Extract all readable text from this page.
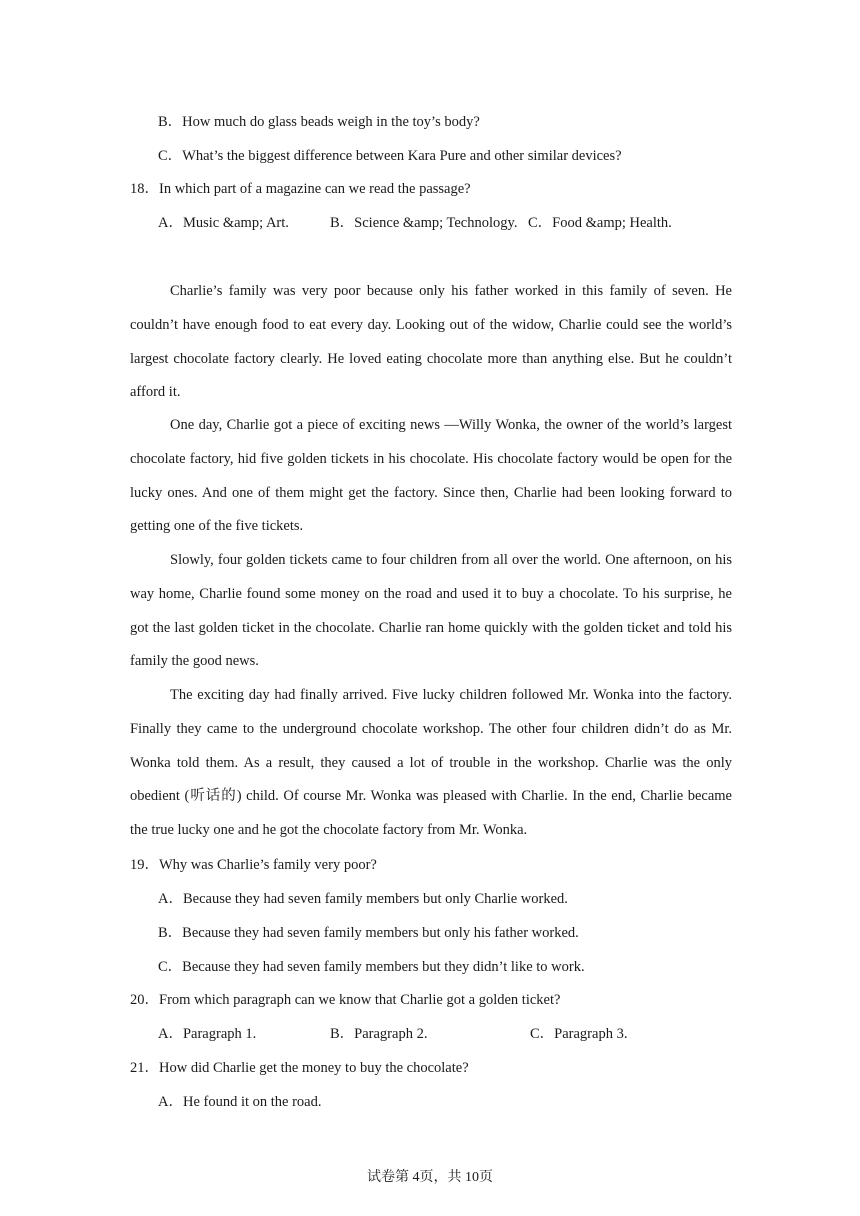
B．How much do glass beads weigh in the toy’s body?
C．What’s the biggest difference between Kara Pure and other similar devices?
18．In which part of a magazine can we read the passage?
A．Music &amp; Art.	B．Science &amp; Technology. C．Food &amp; Health.

Charlie’s family was very poor because only his father worked in this family of seven. He couldn’t have enough food to eat every day. Looking out of the widow, Charlie could see the world’s largest chocolate factory clearly. He loved eating chocolate more than anything else. But he couldn’t afford it.

One day, Charlie got a piece of exciting news —Willy Wonka, the owner of the world’s largest chocolate factory, hid five golden tickets in his chocolate. His chocolate factory would be open for the lucky ones. And one of them might get the factory. Since then, Charlie had been looking forward to getting one of the five tickets.

Slowly, four golden tickets came to four children from all over the world. One afternoon, on his way home, Charlie found some money on the road and used it to buy a chocolate. To his surprise, he got the last golden ticket in the chocolate. Charlie ran home quickly with the golden ticket and told his family the good news.

The exciting day had finally arrived. Five lucky children followed Mr. Wonka into the factory. Finally they came to the underground chocolate workshop. The other four children didn’t do as Mr. Wonka told them. As a result, they caused a lot of trouble in the workshop. Charlie was the only obedient (听话的) child. Of course Mr. Wonka was pleased with Charlie. In the end, Charlie became the true lucky one and he got the chocolate factory from Mr. Wonka.

19．Why was Charlie’s family very poor?
A．Because they had seven family members but only Charlie worked.
B．Because they had seven family members but only his father worked.
C．Because they had seven family members but they didn’t like to work.
20．From which paragraph can we know that Charlie got a golden ticket?
A．Paragraph 1.	B．Paragraph 2.	C．Paragraph 3.
21．How did Charlie get the money to buy the chocolate?
A．He found it on the road.
试卷第 4页，共 10页
